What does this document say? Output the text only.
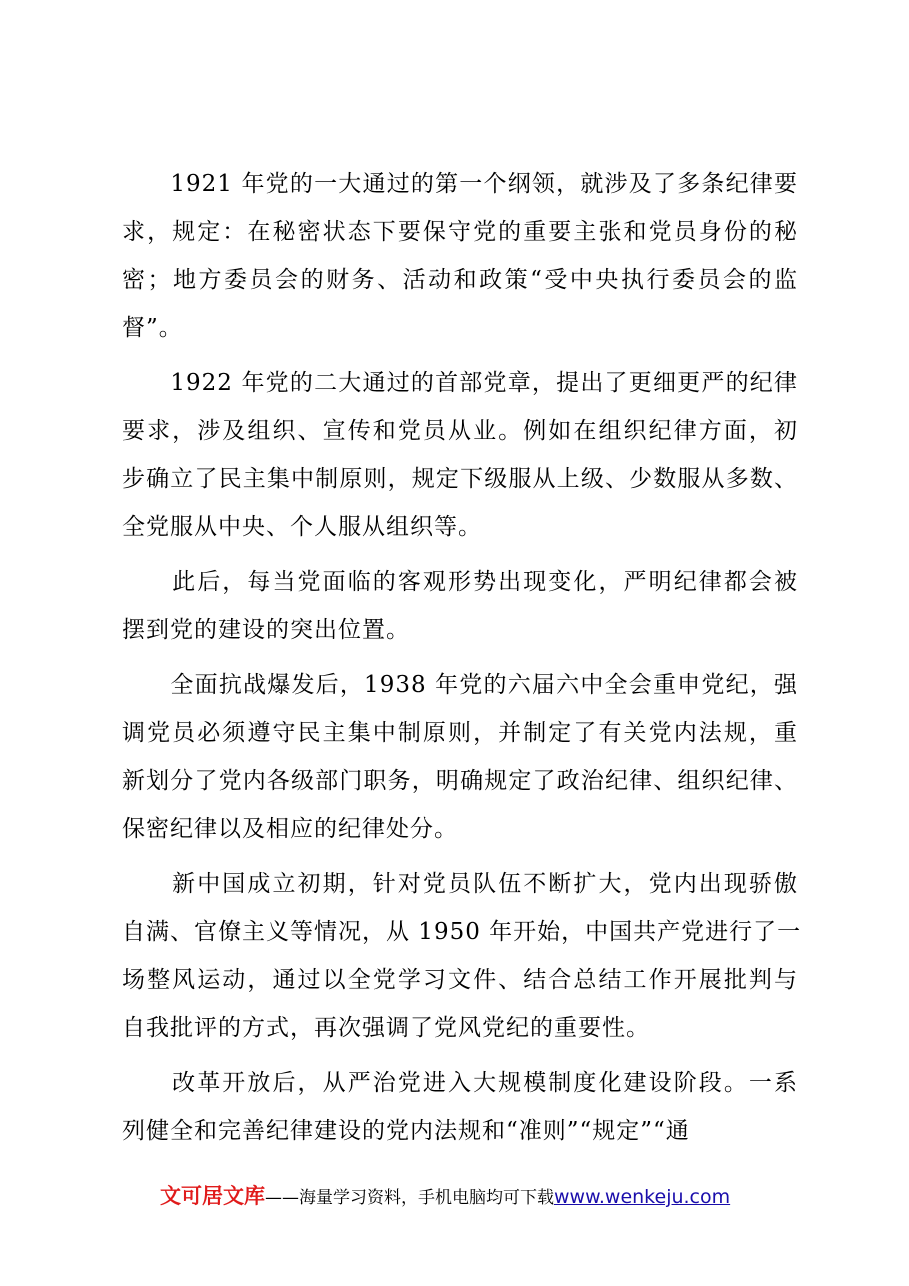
　　1921 年党的一大通过的第一个纲领，就涉及了多条纪律要
求，规定：在秘密状态下要保守党的重要主张和党员身份的秘
密；地方委员会的财务、活动和政策“受中央执行委员会的监
督”。
　　1922 年党的二大通过的首部党章，提出了更细更严的纪律
要求，涉及组织、宣传和党员从业。例如在组织纪律方面，初
步确立了民主集中制原则，规定下级服从上级、少数服从多数、
全党服从中央、个人服从组织等。
　　此后，每当党面临的客观形势出现变化，严明纪律都会被
摆到党的建设的突出位置。
　　全面抗战爆发后，1938 年党的六届六中全会重申党纪，强
调党员必须遵守民主集中制原则，并制定了有关党内法规，重
新划分了党内各级部门职务，明确规定了政治纪律、组织纪律、
保密纪律以及相应的纪律处分。
　　新中国成立初期，针对党员队伍不断扩大，党内出现骄傲
自满、官僚主义等情况，从 1950 年开始，中国共产党进行了一
场整风运动，通过以全党学习文件、结合总结工作开展批判与
自我批评的方式，再次强调了党风党纪的重要性。
　　改革开放后，从严治党进入大规模制度化建设阶段。一系
列健全和完善纪律建设的党内法规和“准则”“规定”“通
文可居文库——海量学习资料，手机电脑均可下载www.wenkeju.com
